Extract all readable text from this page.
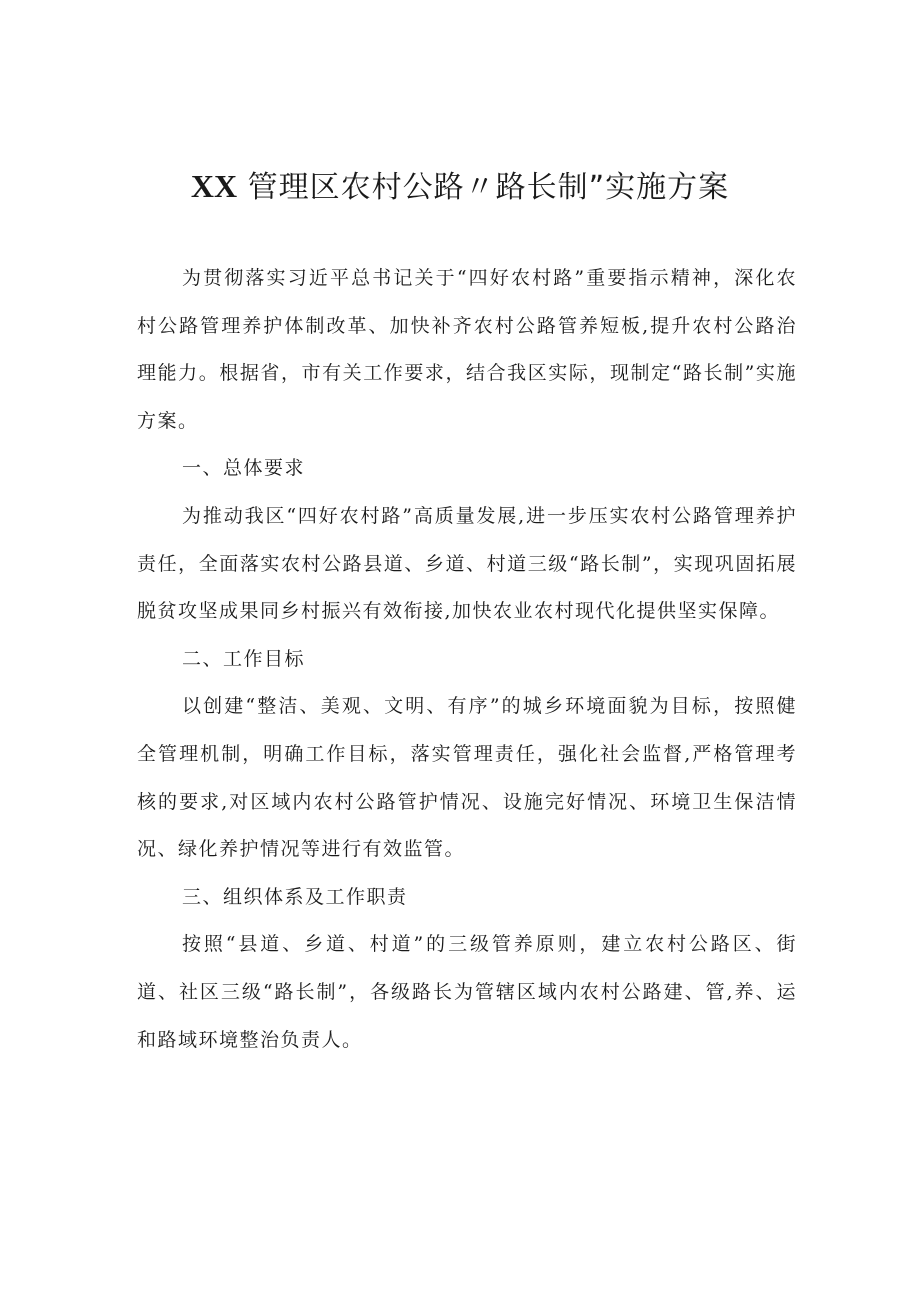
XX 管理区农村公路〃路长制”实施方案

为贯彻落实习近平总书记关于“四好农村路”重要指示精神，深化农村公路管理养护体制改革、加快补齐农村公路管养短板,提升农村公路治理能力。根据省，市有关工作要求，结合我区实际，现制定“路长制”实施方案。

一、总体要求

为推动我区“四好农村路”高质量发展,进一步压实农村公路管理养护责任，全面落实农村公路县道、乡道、村道三级“路长制”，实现巩固拓展脱贫攻坚成果同乡村振兴有效衔接,加快农业农村现代化提供坚实保障。

二、工作目标

以创建“整洁、美观、文明、有序”的城乡环境面貌为目标，按照健全管理机制，明确工作目标，落实管理责任，强化社会监督,严格管理考核的要求,对区域内农村公路管护情况、设施完好情况、环境卫生保洁情况、绿化养护情况等进行有效监管。

三、组织体系及工作职责

按照“县道、乡道、村道”的三级管养原则，建立农村公路区、街道、社区三级“路长制”，各级路长为管辖区域内农村公路建、管,养、运和路域环境整治负责人。
